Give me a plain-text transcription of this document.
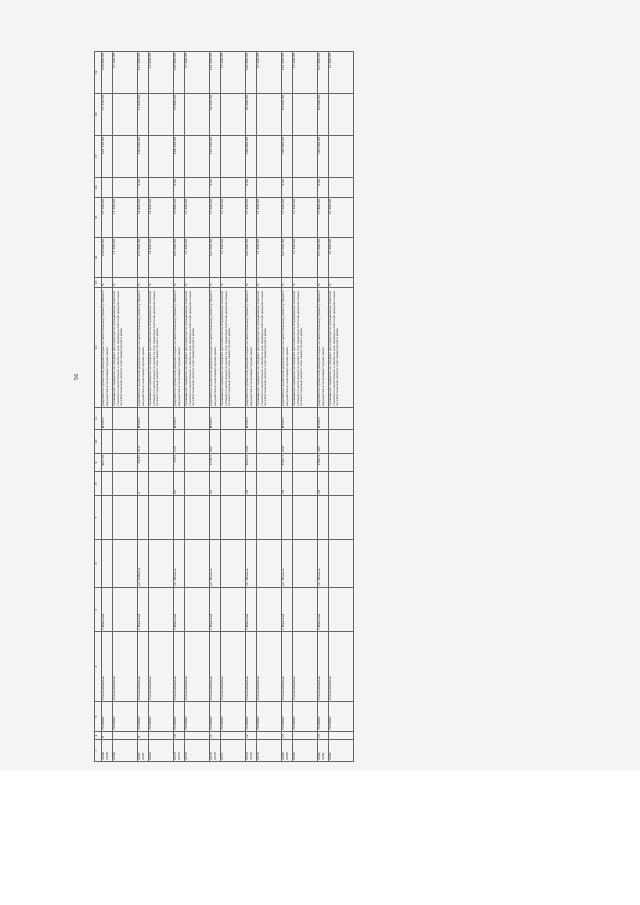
56
1	2	3	4	5	6	7	8	9	10	11	12	13	14	15	16	17	18	19

2268 2268	8	7230000	Улица Майская	1 Майская				961,50		ИТОГО	разработка проектной документации по капитальному ремонту общего имущества в многоквартирном доме	%	279 000,00	17 160,00		227 170,00	11 370,00	279 000,00
2268		7230000	Улица Майская								проведение проверки на предмет достоверности определения сметной стоимости капитального ремонта или проверки сметной документации на капитальный ремонт многоквартирного дома	%	17 160,00	17 160,00				17 160,00

2267 2267	9	7230000	Улица Майская	1 Майская	ул. 9 Марта		4	79,87	210	ИТОГО	разработка проектной документации по капитальному ремонту общего имущества в многоквартирном доме	%	217 000,00	12 940,00	0,00	203 060,00	13 940,00	217 000,00
2269		7230000	Улица Майская								проведение проверки на предмет достоверности определения сметной стоимости капитального ремонта или проверки сметной документации на капитальный ремонт многоквартирного дома	%	12 940,00	12 940,00				12 940,00

2270 2270	10	7230000	Улица Майская	1 Майская	ул. Ленина		24	1333	134	ИТОГО	разработка проектной документации по капитальному ремонту общего имущества в многоквартирном доме	%	223 000,00	13 860,00	0,00	209 140,00	13 860,00	223 000,00
2270		7230000	Улица Майская								проведение проверки на предмет достоверности определения сметной стоимости капитального ремонта или проверки сметной документации на капитальный ремонт многоквартирного дома	%	17 460,00	17 460,00				17 460,00

2279 2279	11	7230000	Улица Майская	1 Майская	ул. Ленина		24	1718,4	202	ИТОГО	разработка проектной документации по капитальному ремонту общего имущества в многоквартирном доме	%	421 000,00	17 460,00	0,00	403 540,00	20 200,00	421 000,00
2271		7230000	Улица Майская								проведение проверки на предмет достоверности определения сметной стоимости капитального ремонта или проверки сметной документации на капитальный ремонт многоквартирного дома	%	17 460,00	17 460,00				17 460,00

2278 2278	12	7230000	Улица Майская	1 Майская	ул. Ленина		18	4944,2	249	ИТОГО	разработка проектной документации по капитальному ремонту общего имущества в многоквартирном доме	%	422 000,00	17 240,00	0,00	400 000,00	22 000,00	422 000,00
2278		7230000	Улица Майская								проведение проверки на предмет достоверности определения сметной стоимости капитального ремонта или проверки сметной документации на капитальный ремонт многоквартирного дома	%	17 240,00	17 240,00				17 240,00

2280 2280	13	7230000	Улица Майская	1 Майская	ул. Ленина		18	4795,1	229	ИТОГО	разработка проектной документации по капитальному ремонту общего имущества в многоквартирном доме	%	421 000,00	17 460,00	0,00	383 000,00	20 000,00	421 000,00
2280		7230000	Улица Майская								проведение проверки на предмет достоверности определения сметной стоимости капитального ремонта или проверки сметной документации на капитальный ремонт многоквартирного дома	%	17 460,00	17 460,00				17 460,00

2282 2281	14	7230000	Улица Майская	1 Майская	ул. Ленина		18	1784,4	183	ИТОГО	разработка проектной документации по капитальному ремонту общего имущества в многоквартирном доме	%	417 000,00	17 800,00	0,00	383 000,00	20 000,00	417 000,00
2284		7230000	Улица Майская								проведение проверки на предмет достоверности определения сметной стоимости капитального ремонта или проверки сметной документации на капитальный ремонт многоквартирного дома	%	21 600,00	21 600,00				21 600,00
